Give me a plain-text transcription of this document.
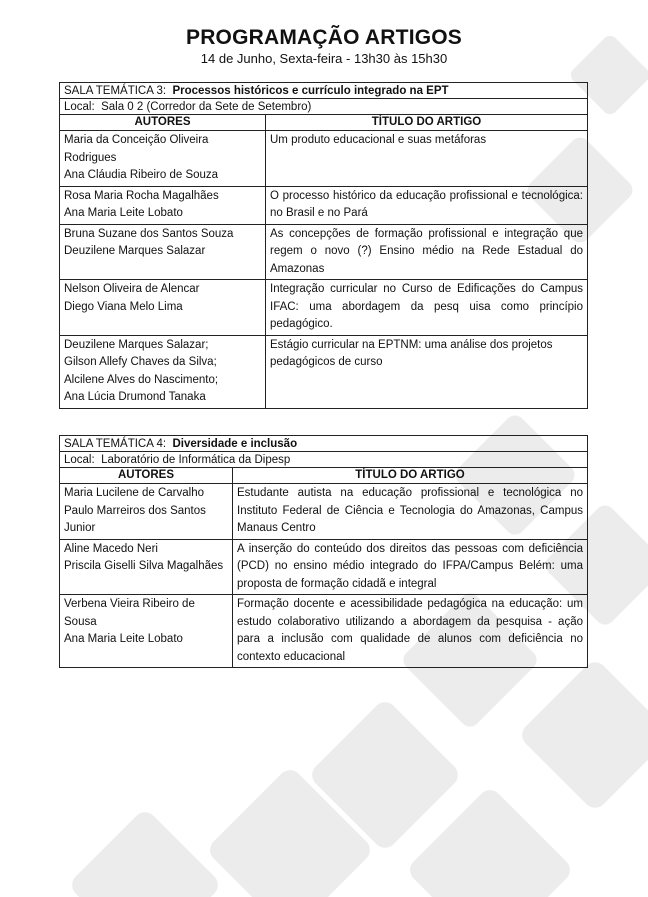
PROGRAMAÇÃO ARTIGOS
14 de Junho, Sexta-feira - 13h30 às 15h30
SALA TEMÁTICA 3: Processos históricos e currículo integrado na EPT
Local: Sala 0 2 (Corredor da Sete de Setembro)
AUTORES	TÍTULO DO ARTIGO

Maria da Conceição Oliveira Rodrigues
Ana Cláudia Ribeiro de Souza	Um produto educacional e suas metáforas

Rosa Maria Rocha Magalhães
Ana Maria Leite Lobato	O processo histórico da educação profissional e tecnológica: no Brasil e no Pará

Bruna Suzane dos Santos Souza
Deuzilene Marques Salazar	As concepções de formação profissional e integração que regem o novo (?) Ensino médio na Rede Estadual do Amazonas

Nelson Oliveira de Alencar
Diego Viana Melo Lima	Integração curricular no Curso de Edificações do Campus IFAC: uma abordagem da pesq uisa como princípio pedagógico.

Deuzilene Marques Salazar;
Gilson Allefy Chaves da Silva;
Alcilene Alves do Nascimento;
Ana Lúcia Drumond Tanaka	Estágio curricular na EPTNM: uma análise dos projetos pedagógicos de curso
SALA TEMÁTICA 4: Diversidade e inclusão
Local: Laboratório de Informática da Dipesp
AUTORES	TÍTULO DO ARTIGO

Maria Lucilene de Carvalho
Paulo Marreiros dos Santos Junior	Estudante autista na educação profissional e tecnológica no Instituto Federal de Ciência e Tecnologia do Amazonas, Campus Manaus Centro

Aline Macedo Neri
Priscila Giselli Silva Magalhães	A inserção do conteúdo dos direitos das pessoas com deficiência (PCD) no ensino médio integrado do IFPA/Campus Belém: uma proposta de formação cidadã e integral

Verbena Vieira Ribeiro de Sousa
Ana Maria Leite Lobato	Formação docente e acessibilidade pedagógica na educação: um estudo colaborativo utilizando a abordagem da pesquisa - ação para a inclusão com qualidade de alunos com deficiência no contexto educacional
